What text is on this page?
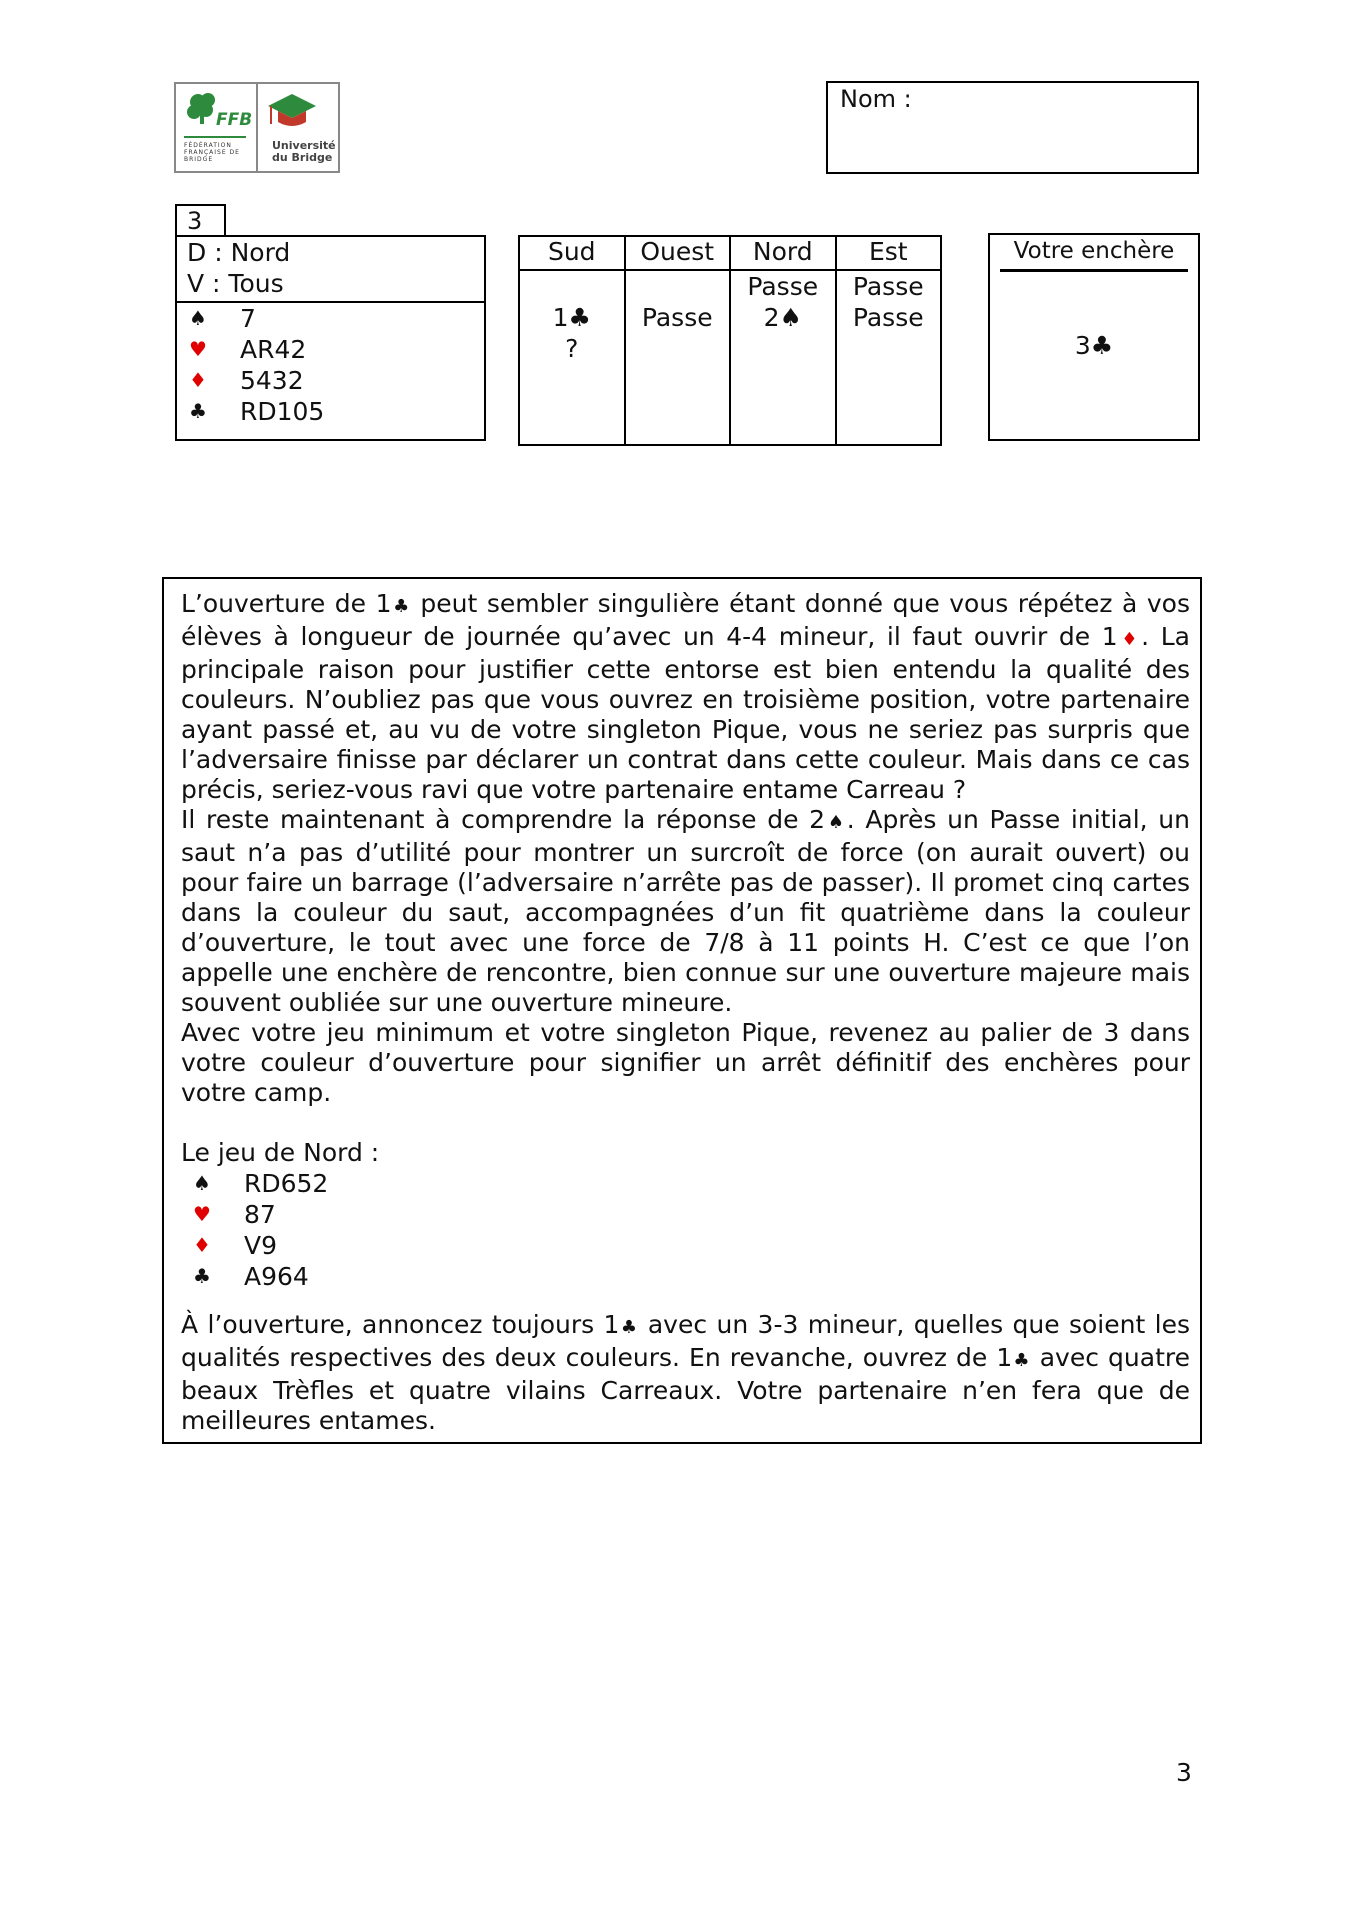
FFB
FÉDÉRATION FRANÇAISE DE BRIDGE
Université
du Bridge
Nom :
3
D : Nord
V : Tous
♠ 7
♥ AR42
♦ 5432
♣ RD105
Sud
1♣
?
Ouest
Passe
Nord
Passe
2♠
Est
Passe
Passe
Votre enchère
3♣

L’ouverture de 1♣ peut sembler singulière étant donné que vous répétez à vos élèves à longueur de journée qu’avec un 4-4 mineur, il faut ouvrir de 1♦. La principale raison pour justifier cette entorse est bien entendu la qualité des couleurs. N’oubliez pas que vous ouvrez en troisième position, votre partenaire ayant passé et, au vu de votre singleton Pique, vous ne seriez pas surpris que l’adversaire finisse par déclarer un contrat dans cette couleur. Mais dans ce cas précis, seriez-vous ravi que votre partenaire entame Carreau ?

Il reste maintenant à comprendre la réponse de 2♠. Après un Passe initial, un saut n’a pas d’utilité pour montrer un surcroît de force (on aurait ouvert) ou pour faire un barrage (l’adversaire n’arrête pas de passer). Il promet cinq cartes dans la couleur du saut, accompagnées d’un fit quatrième dans la couleur d’ouverture, le tout avec une force de 7/8 à 11 points H. C’est ce que l’on appelle une enchère de rencontre, bien connue sur une ouverture majeure mais souvent oubliée sur une ouverture mineure.

Avec votre jeu minimum et votre singleton Pique, revenez au palier de 3 dans votre couleur d’ouverture pour signifier un arrêt définitif des enchères pour votre camp.

Le jeu de Nord :

♠ RD652
♥ 87
♦ V9
♣ A964

À l’ouverture, annoncez toujours 1♣ avec un 3-3 mineur, quelles que soient les qualités respectives des deux couleurs. En revanche, ouvrez de 1♣ avec quatre beaux Trèfles et quatre vilains Carreaux. Votre partenaire n’en fera que de meilleures entames.

3
